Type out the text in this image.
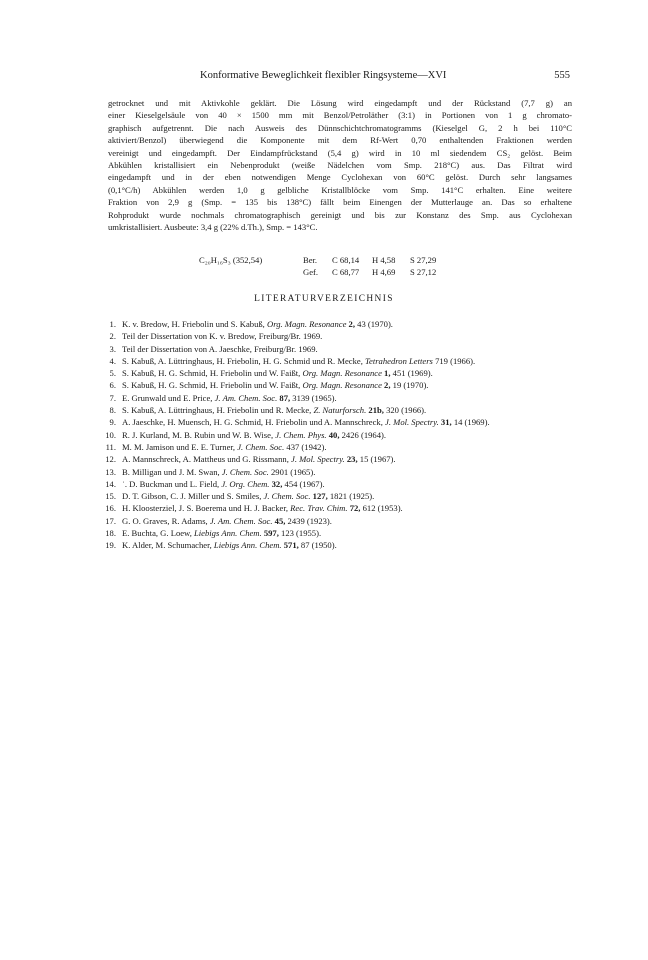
Konformative Beweglichkeit flexibler Ringsysteme—XVI	555
getrocknet und mit Aktivkohle geklärt. Die Lösung wird eingedampft und der Rückstand (7,7 g) an
einer Kieselgelsäule von 40 × 1500 mm mit Benzol/Petroläther (3:1) in Portionen von 1 g chromato-
graphisch aufgetrennt. Die nach Ausweis des Dünnschichtchromatogramms (Kieselgel G, 2 h bei 110°C
aktiviert/Benzol) überwiegend die Komponente mit dem Rf-Wert 0,70 enthaltenden Fraktionen werden
vereinigt und eingedampft. Der Eindampfrückstand (5,4 g) wird in 10 ml siedendem CS₂ gelöst. Beim
Abkühlen kristallisiert ein Nebenprodukt (weiße Nädelchen vom Smp. 218°C) aus. Das Filtrat wird
eingedampft und in der eben notwendigen Menge Cyclohexan von 60°C gelöst. Durch sehr langsames
(0,1°C/h) Abkühlen werden 1,0 g gelbliche Kristallblöcke vom Smp. 141°C erhalten. Eine weitere
Fraktion von 2,9 g (Smp. = 135 bis 138°C) fällt beim Einengen der Mutterlauge an. Das so erhaltene
Rohprodukt wurde nochmals chromatographisch gereinigt und bis zur Konstanz des Smp. aus Cyclohexan
umkristallisiert. Ausbeute: 3,4 g (22% d.Th.), Smp. = 143°C.
C₂₀H₁₆S₃ (352,54)	Ber.	C 68,14	H 4,58	S 27,29
Gef.	C 68,77	H 4,69	S 27,12
LITERATURVERZEICHNIS
1. K. v. Bredow, H. Friebolin und S. Kabuß, Org. Magn. Resonance 2, 43 (1970).
2. Teil der Dissertation von K. v. Bredow, Freiburg/Br. 1969.
3. Teil der Dissertation von A. Jaeschke, Freiburg/Br. 1969.
4. S. Kabuß, A. Lüttringhaus, H. Friebolin, H. G. Schmid und R. Mecke, Tetrahedron Letters 719 (1966).
5. S. Kabuß, H. G. Schmid, H. Friebolin und W. Faißt, Org. Magn. Resonance 1, 451 (1969).
6. S. Kabuß, H. G. Schmid, H. Friebolin und W. Faißt, Org. Magn. Resonance 2, 19 (1970).
7. E. Grunwald und E. Price, J. Am. Chem. Soc. 87, 3139 (1965).
8. S. Kabuß, A. Lüttringhaus, H. Friebolin und R. Mecke, Z. Naturforsch. 21b, 320 (1966).
9. A. Jaeschke, H. Muensch, H. G. Schmid, H. Friebolin und A. Mannschreck, J. Mol. Spectry. 31, 14 (1969).
10. R. J. Kurland, M. B. Rubin und W. B. Wise, J. Chem. Phys. 40, 2426 (1964).
11. M. M. Jamison und E. E. Turner, J. Chem. Soc. 437 (1942).
12. A. Mannschreck, A. Mattheus und G. Rissmann, J. Mol. Spectry. 23, 15 (1967).
13. B. Milligan und J. M. Swan, J. Chem. Soc. 2901 (1965).
14. ˙. D. Buckman und L. Field, J. Org. Chem. 32, 454 (1967).
15. D. T. Gibson, C. J. Miller und S. Smiles, J. Chem. Soc. 127, 1821 (1925).
16. H. Kloosterziel, J. S. Boerema und H. J. Backer, Rec. Trav. Chim. 72, 612 (1953).
17. G. O. Graves, R. Adams, J. Am. Chem. Soc. 45, 2439 (1923).
18. E. Buchta, G. Loew, Liebigs Ann. Chem. 597, 123 (1955).
19. K. Alder, M. Schumacher, Liebigs Ann. Chem. 571, 87 (1950).
